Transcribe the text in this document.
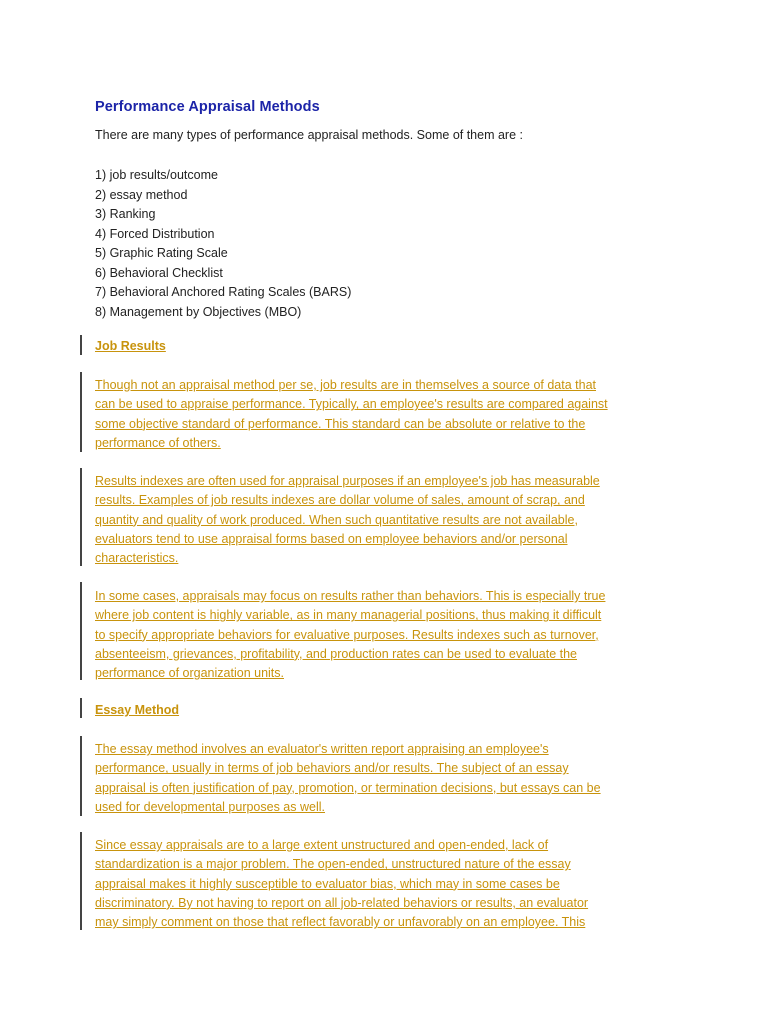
Performance Appraisal Methods
There are many types of performance appraisal methods. Some of them are :
1) job results/outcome
2) essay method
3) Ranking
4) Forced Distribution
5) Graphic Rating Scale
6) Behavioral Checklist
7) Behavioral Anchored Rating Scales (BARS)
8) Management by Objectives (MBO)
Job Results
Though not an appraisal method per se, job results are in themselves a source of data that
can be used to appraise performance. Typically, an employee's results are compared against
some objective standard of performance. This standard can be absolute or relative to the
performance of others.
Results indexes are often used for appraisal purposes if an employee's job has measurable
results. Examples of job results indexes are dollar volume of sales, amount of scrap, and
quantity and quality of work produced. When such quantitative results are not available,
evaluators tend to use appraisal forms based on employee behaviors and/or personal
characteristics.
In some cases, appraisals may focus on results rather than behaviors. This is especially true
where job content is highly variable, as in many managerial positions, thus making it difficult
to specify appropriate behaviors for evaluative purposes. Results indexes such as turnover,
absenteeism, grievances, profitability, and production rates can be used to evaluate the
performance of organization units.
Essay Method
The essay method involves an evaluator's written report appraising an employee's
performance, usually in terms of job behaviors and/or results. The subject of an essay
appraisal is often justification of pay, promotion, or termination decisions, but essays can be
used for developmental purposes as well.
Since essay appraisals are to a large extent unstructured and open-ended, lack of
standardization is a major problem. The open-ended, unstructured nature of the essay
appraisal makes it highly susceptible to evaluator bias, which may in some cases be
discriminatory. By not having to report on all job-related behaviors or results, an evaluator
may simply comment on those that reflect favorably or unfavorably on an employee. This
